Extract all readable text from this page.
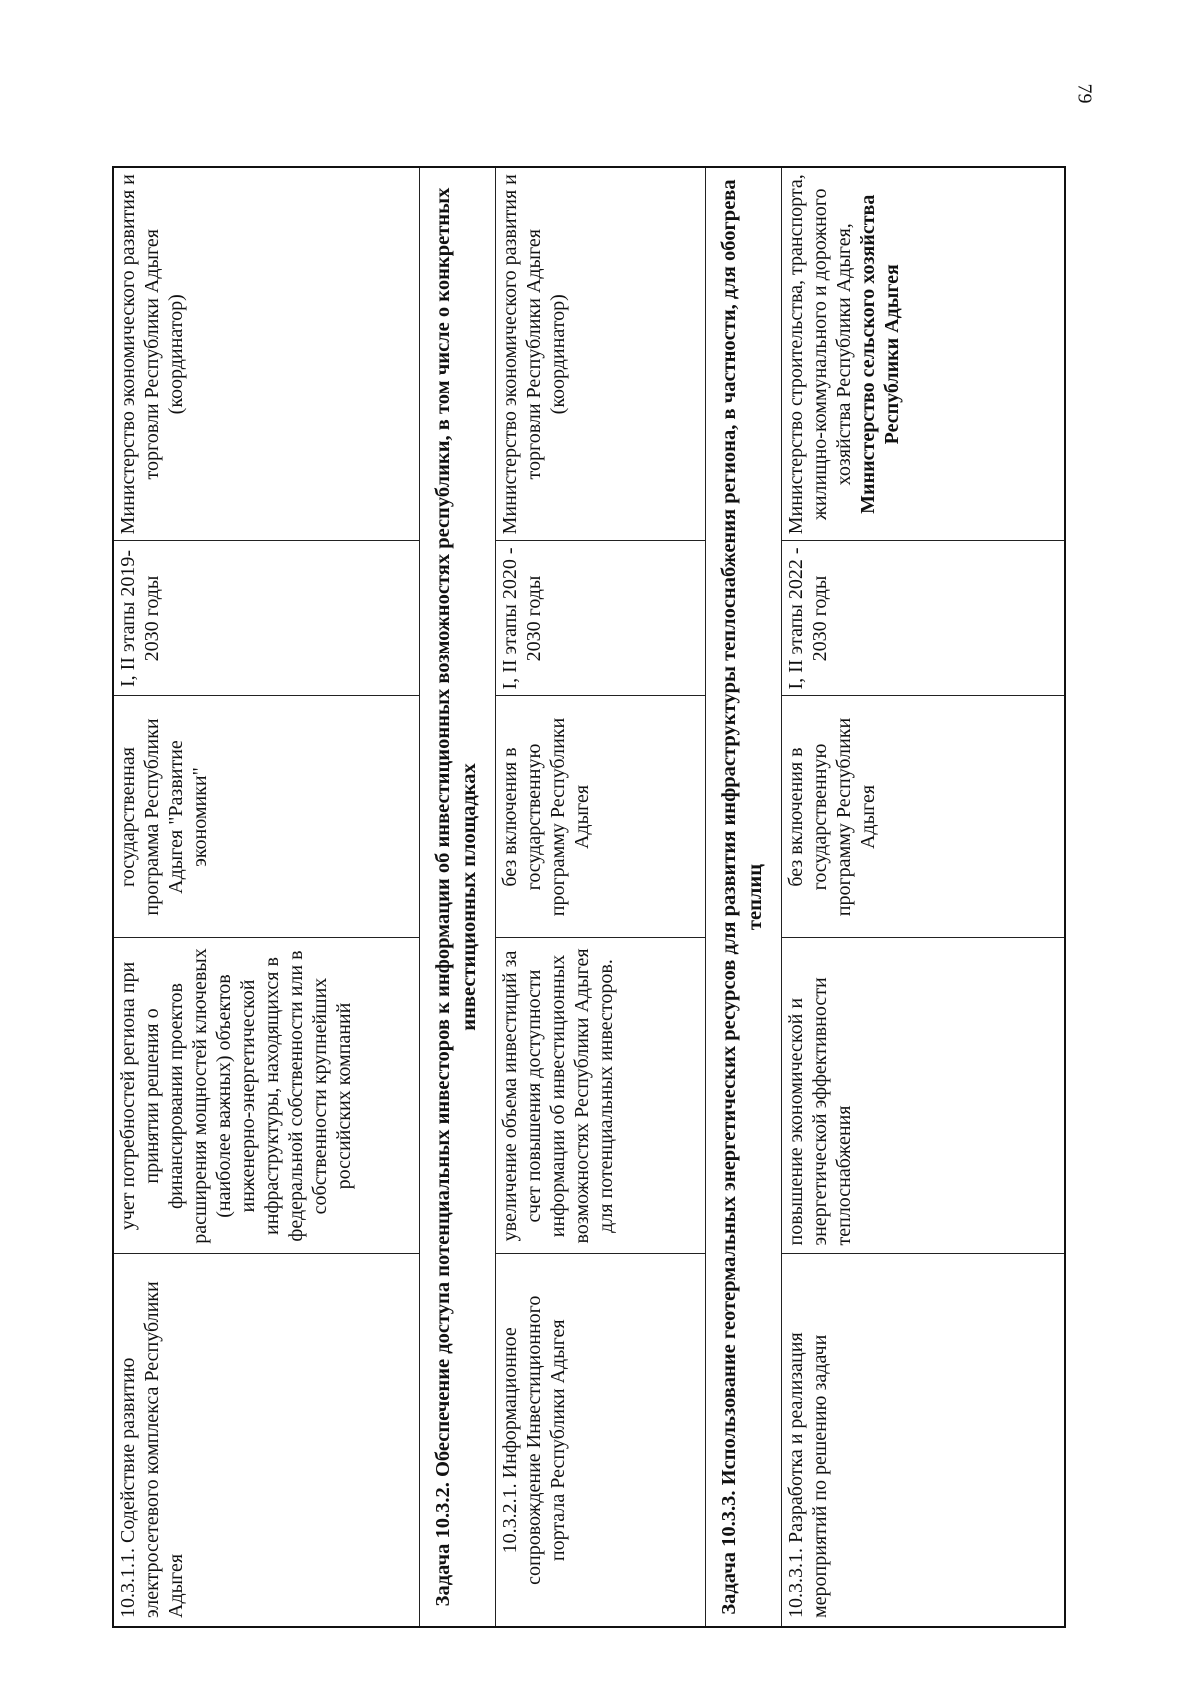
79
10.3.1.1. Содействие развитию электросетевого комплекса Республики Адыгея	учет потребностей региона при принятии решения о финансировании проектов расширения мощностей ключевых (наиболее важных) объектов инженерно-энергетической инфраструктуры, находящихся в федеральной собственности или в собственности крупнейших российских компаний	государственная программа Республики Адыгея "Развитие экономики"	I, II этапы 2019-2030 годы	Министерство экономического развития и торговли Республики Адыгея (координатор)
Задача 10.3.2. Обеспечение доступа потенциальных инвесторов к информации об инвестиционных возможностях республики, в том числе о конкретных инвестиционных площадках				
10.3.2.1. Информационное сопровождение Инвестиционного портала Республики Адыгея	увеличение объема инвестиций за счет повышения доступности информации об инвестиционных возможностях Республики Адыгея для потенциальных инвесторов.	без включения в государственную программу Республики Адыгея	I, II этапы 2020 - 2030 годы	Министерство экономического развития и торговли Республики Адыгея (координатор)
Задача 10.3.3. Использование геотермальных энергетических ресурсов для развития инфраструктуры теплоснабжения региона, в частности, для обогрева теплиц				
10.3.3.1. Разработка и реализация мероприятий по решению задачи	повышение экономической и энергетической эффективности теплоснабжения	без включения в государственную программу Республики Адыгея	I, II этапы 2022 - 2030 годы	Министерство строительства, транспорта, жилищно-коммунального и дорожного хозяйства Республики Адыгея, Министерство сельского хозяйства Республики Адыгея
